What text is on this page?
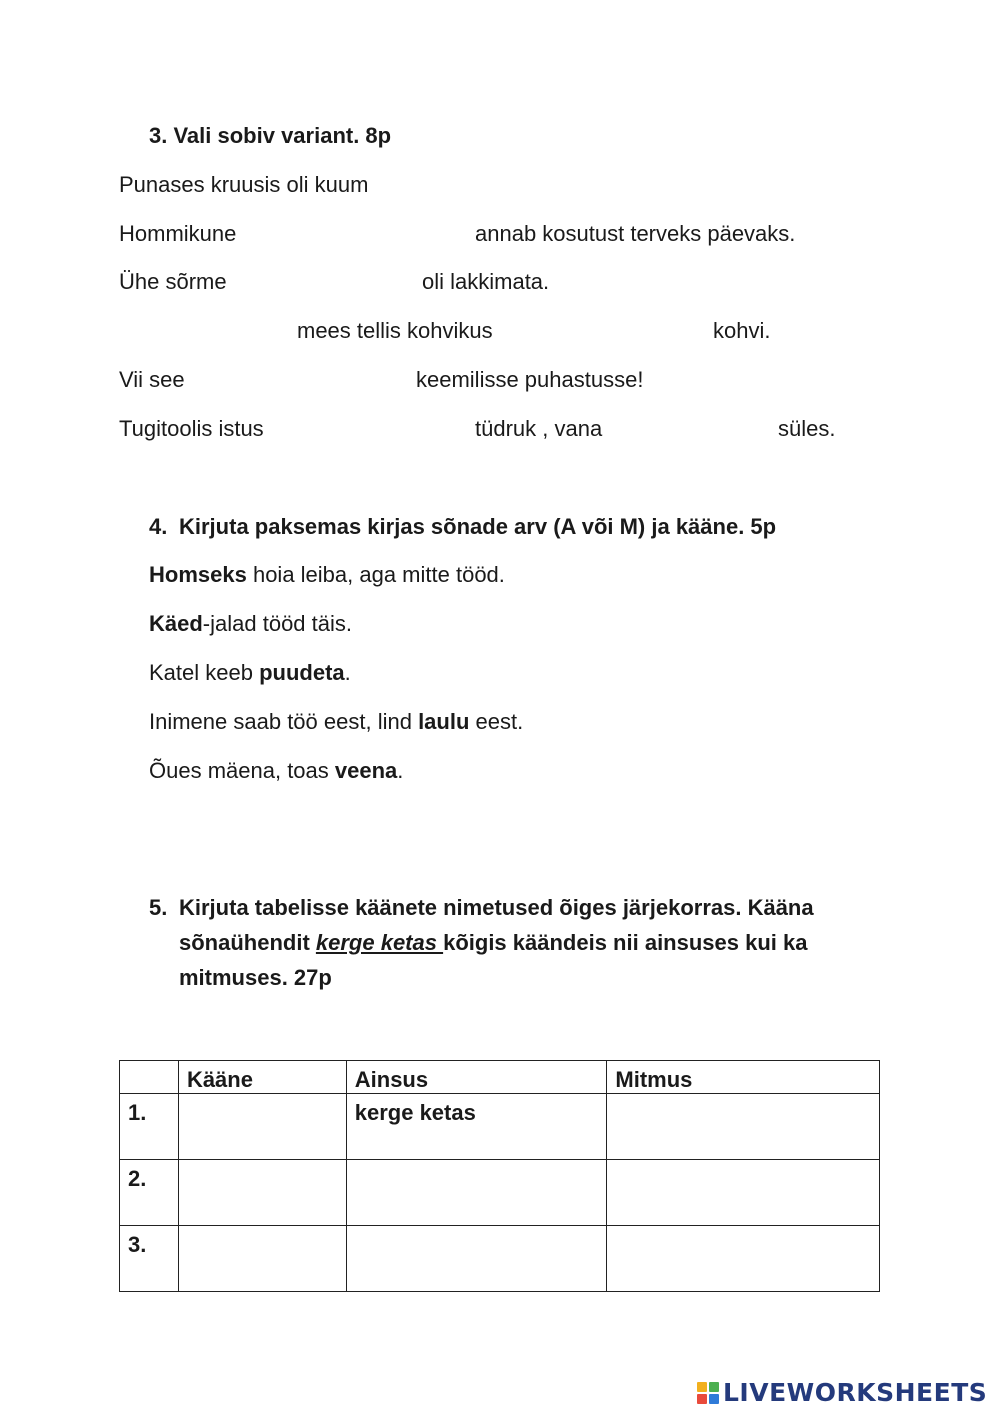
3. Vali sobiv variant. 8p
Punases kruusis oli kuum
Hommikune	annab kosutust terveks päevaks.
Ühe sõrme	oli lakkimata.
mees tellis kohvikus	kohvi.
Vii see	keemilisse puhastusse!
Tugitoolis istus	tüdruk , vana	süles.
4. Kirjuta paksemas kirjas sõnade arv (A või M) ja kääne. 5p
Homseks hoia leiba, aga mitte tööd.
Käed-jalad tööd täis.
Katel keeb puudeta.
Inimene saab töö eest, lind laulu eest.
Õues mäena, toas veena.
5. Kirjuta tabelisse käänete nimetused õiges järjekorras. Kääna sõnaühendit kerge ketas kõigis käändeis nii ainsuses kui ka mitmuses. 27p
	Kääne	Ainsus	Mitmus
1.		kerge ketas	
2.			
3.			
LIVEWORKSHEETS
